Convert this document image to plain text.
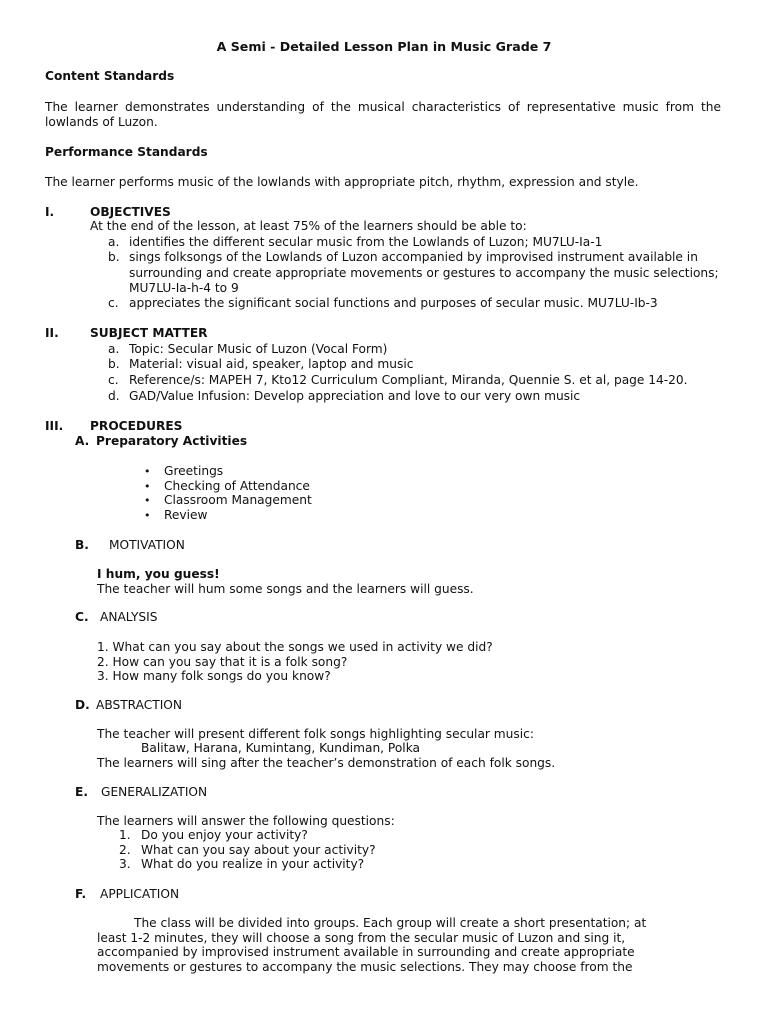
A Semi - Detailed Lesson Plan in Music Grade 7
Content Standards
The learner demonstrates understanding of the musical characteristics of representative music from the lowlands of Luzon.
Performance Standards
The learner performs music of the lowlands with appropriate pitch, rhythm, expression and style.
I.	OBJECTIVES
At the end of the lesson, at least 75% of the learners should be able to:
a. identifies the different secular music from the Lowlands of Luzon; MU7LU-Ia-1
b. sings folksongs of the Lowlands of Luzon accompanied by improvised instrument available in
surrounding and create appropriate movements or gestures to accompany the music selections;
MU7LU-Ia-h-4 to 9
c. appreciates the significant social functions and purposes of secular music. MU7LU-Ib-3
II.	SUBJECT MATTER
a. Topic: Secular Music of Luzon (Vocal Form)
b. Material: visual aid, speaker, laptop and music
c. Reference/s: MAPEH 7, Kto12 Curriculum Compliant, Miranda, Quennie S. et al, page 14-20.
d. GAD/Value Infusion: Develop appreciation and love to our very own music
III. PROCEDURES
A. Preparatory Activities
• Greetings
• Checking of Attendance
• Classroom Management
• Review
B. MOTIVATION
I hum, you guess!
The teacher will hum some songs and the learners will guess.
C. ANALYSIS
1. What can you say about the songs we used in activity we did?
2. How can you say that it is a folk song?
3. How many folk songs do you know?
D. ABSTRACTION
The teacher will present different folk songs highlighting secular music:
Balitaw, Harana, Kumintang, Kundiman, Polka
The learners will sing after the teacher’s demonstration of each folk songs.
E. GENERALIZATION
The learners will answer the following questions:
1. Do you enjoy your activity?
2. What can you say about your activity?
3. What do you realize in your activity?
F. APPLICATION
The class will be divided into groups. Each group will create a short presentation; at
least 1-2 minutes, they will choose a song from the secular music of Luzon and sing it,
accompanied by improvised instrument available in surrounding and create appropriate
movements or gestures to accompany the music selections. They may choose from the
